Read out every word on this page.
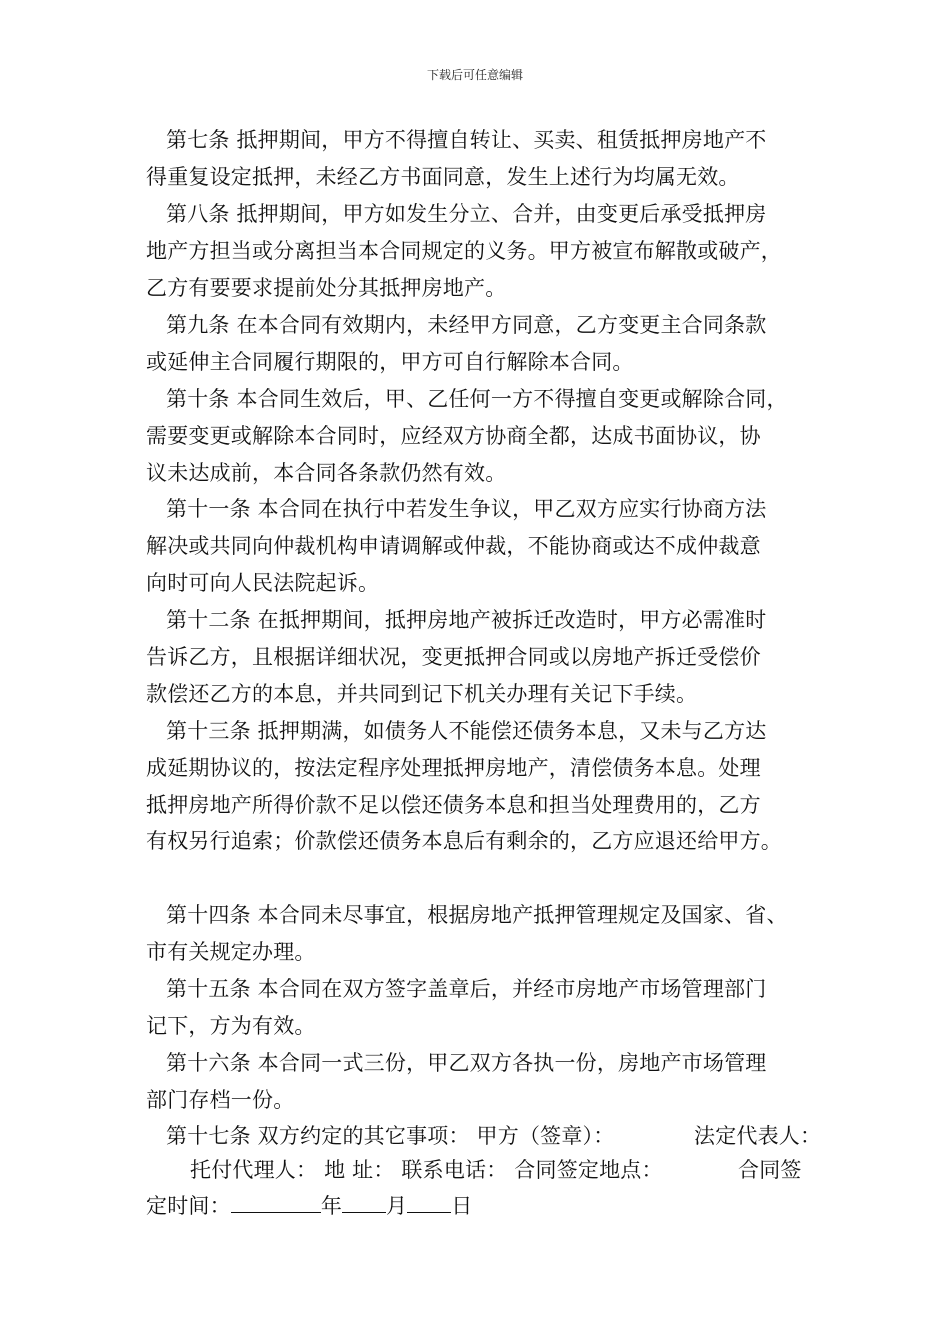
下载后可任意编辑
第七条 抵押期间，甲方不得擅自转让、买卖、租赁抵押房地产不
得重复设定抵押，未经乙方书面同意，发生上述行为均属无效。
第八条 抵押期间，甲方如发生分立、合并，由变更后承受抵押房
地产方担当或分离担当本合同规定的义务。甲方被宣布解散或破产，
乙方有要要求提前处分其抵押房地产。
第九条 在本合同有效期内，未经甲方同意，乙方变更主合同条款
或延伸主合同履行期限的，甲方可自行解除本合同。
第十条 本合同生效后，甲、乙任何一方不得擅自变更或解除合同，
需要变更或解除本合同时，应经双方协商全都，达成书面协议，协
议未达成前，本合同各条款仍然有效。
第十一条 本合同在执行中若发生争议，甲乙双方应实行协商方法
解决或共同向仲裁机构申请调解或仲裁，不能协商或达不成仲裁意
向时可向人民法院起诉。
第十二条 在抵押期间，抵押房地产被拆迁改造时，甲方必需准时
告诉乙方，且根据详细状况，变更抵押合同或以房地产拆迁受偿价
款偿还乙方的本息，并共同到记下机关办理有关记下手续。
第十三条 抵押期满，如债务人不能偿还债务本息，又未与乙方达
成延期协议的，按法定程序处理抵押房地产，清偿债务本息。处理
抵押房地产所得价款不足以偿还债务本息和担当处理费用的，乙方
有权另行追索；价款偿还债务本息后有剩余的，乙方应退还给甲方。
第十四条 本合同未尽事宜，根据房地产抵押管理规定及国家、省、
市有关规定办理。
第十五条 本合同在双方签字盖章后，并经市房地产市场管理部门
记下，方为有效。
第十六条 本合同一式三份，甲乙双方各执一份，房地产市场管理
部门存档一份。
第十七条 双方约定的其它事项： 甲方（签章）：	法定代表人：
托付代理人： 地 址： 联系电话： 合同签定地点：	合同签
定时间：	年 月 日
